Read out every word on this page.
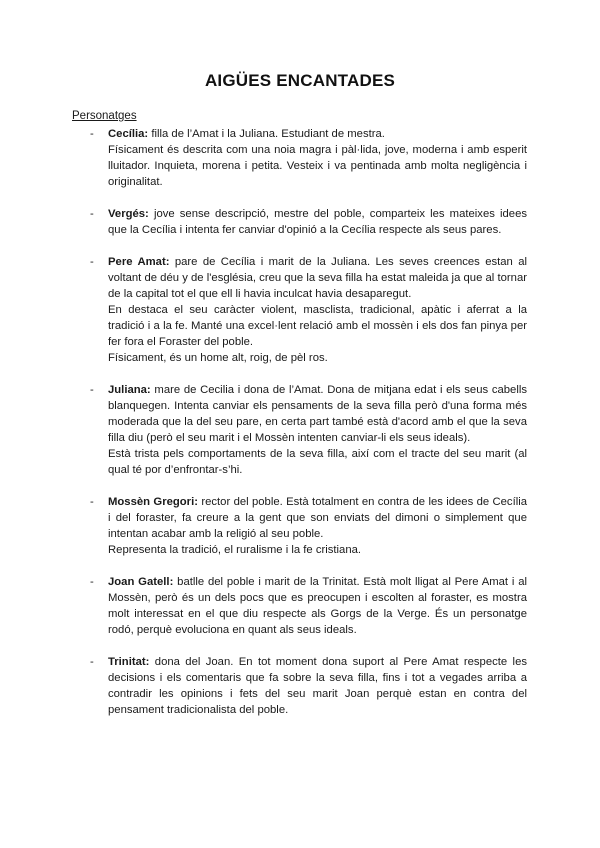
AIGÜES ENCANTADES
Personatges
- Cecília: filla de l’Amat i la Juliana. Estudiant de mestra.

Físicament és descrita com una noia magra i pàl·lida, jove, moderna i amb esperit lluitador. Inquieta, morena i petita. Vesteix i va pentinada amb molta negligència i originalitat.

- Vergés: jove sense descripció, mestre del poble, comparteix les mateixes idees que la Cecília i intenta fer canviar d'opinió a la Cecília respecte als seus pares.

- Pere Amat: pare de Cecília i marit de la Juliana. Les seves creences estan al voltant de déu y de l'església, creu que la seva filla ha estat maleida ja que al tornar de la capital tot el que ell li havia inculcat havia desaparegut.

En destaca el seu caràcter violent, masclista, tradicional, apàtic i aferrat a la tradició i a la fe. Manté una excel·lent relació amb el mossèn i els dos fan pinya per fer fora el Foraster del poble.

Físicament, és un home alt, roig, de pèl ros.

- Juliana: mare de Cecilia i dona de l’Amat. Dona de mitjana edat i els seus cabells blanquegen. Intenta canviar els pensaments de la seva filla però d'una forma més moderada que la del seu pare, en certa part també està d'acord amb el que la seva filla diu (però el seu marit i el Mossèn intenten canviar-li els seus ideals).

Està trista pels comportaments de la seva filla, així com el tracte del seu marit (al qual té por d’enfrontar-s’hi.

- Mossèn Gregori: rector del poble. Està totalment en contra de les idees de Cecília i del foraster, fa creure a la gent que son enviats del dimoni o simplement que intentan acabar amb la religió al seu poble.

Representa la tradició, el ruralisme i la fe cristiana.

- Joan Gatell: batlle del poble i marit de la Trinitat. Està molt lligat al Pere Amat i al Mossèn, però és un dels pocs que es preocupen i escolten al foraster, es mostra molt interessat en el que diu respecte als Gorgs de la Verge. És un personatge rodó, perquè evoluciona en quant als seus ideals.

- Trinitat: dona del Joan. En tot moment dona suport al Pere Amat respecte les decisions i els comentaris que fa sobre la seva filla, fins i tot a vegades arriba a contradir les opinions i fets del seu marit Joan perquè estan en contra del pensament tradicionalista del poble.
